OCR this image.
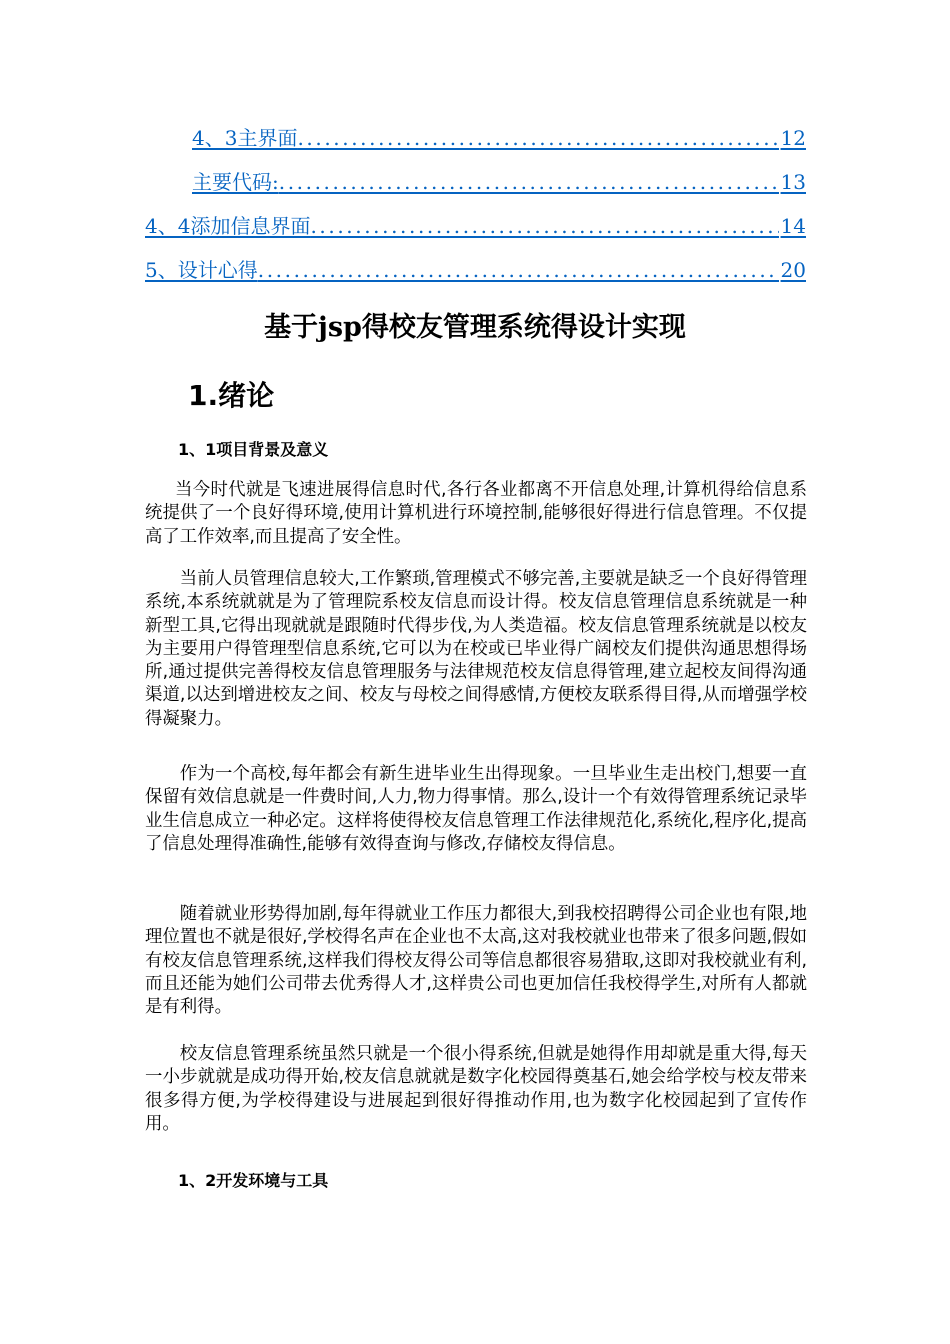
4、3主界面 .....	12
主要代码: .....	13
4、4添加信息界面 .....	14
5、设计心得 .....	20
基于jsp得校友管理系统得设计实现
1.绪论
1、1项目背景及意义

当今时代就是飞速进展得信息时代,各行各业都离不开信息处理,计算机得给信息系统提供了一个良好得环境,使用计算机进行环境控制,能够很好得进行信息管理。不仅提高了工作效率,而且提高了安全性。

当前人员管理信息较大,工作繁琐,管理模式不够完善,主要就是缺乏一个良好得管理系统,本系统就就是为了管理院系校友信息而设计得。校友信息管理信息系统就是一种新型工具,它得出现就就是跟随时代得步伐,为人类造福。校友信息管理系统就是以校友为主要用户得管理型信息系统,它可以为在校或已毕业得广阔校友们提供沟通思想得场所,通过提供完善得校友信息管理服务与法律规范校友信息得管理,建立起校友间得沟通渠道,以达到增进校友之间、校友与母校之间得感情,方便校友联系得目得,从而增强学校得凝聚力。

作为一个高校,每年都会有新生进毕业生出得现象。一旦毕业生走出校门,想要一直保留有效信息就是一件费时间,人力,物力得事情。那么,设计一个有效得管理系统记录毕业生信息成立一种必定。这样将使得校友信息管理工作法律规范化,系统化,程序化,提高了信息处理得准确性,能够有效得查询与修改,存储校友得信息。

随着就业形势得加剧,每年得就业工作压力都很大,到我校招聘得公司企业也有限,地理位置也不就是很好,学校得名声在企业也不太高,这对我校就业也带来了很多问题,假如有校友信息管理系统,这样我们得校友得公司等信息都很容易猎取,这即对我校就业有利,而且还能为她们公司带去优秀得人才,这样贵公司也更加信任我校得学生,对所有人都就是有利得。

校友信息管理系统虽然只就是一个很小得系统,但就是她得作用却就是重大得,每天一小步就就是成功得开始,校友信息就就是数字化校园得奠基石,她会给学校与校友带来很多得方便,为学校得建设与进展起到很好得推动作用,也为数字化校园起到了宣传作用。

1、2开发环境与工具
